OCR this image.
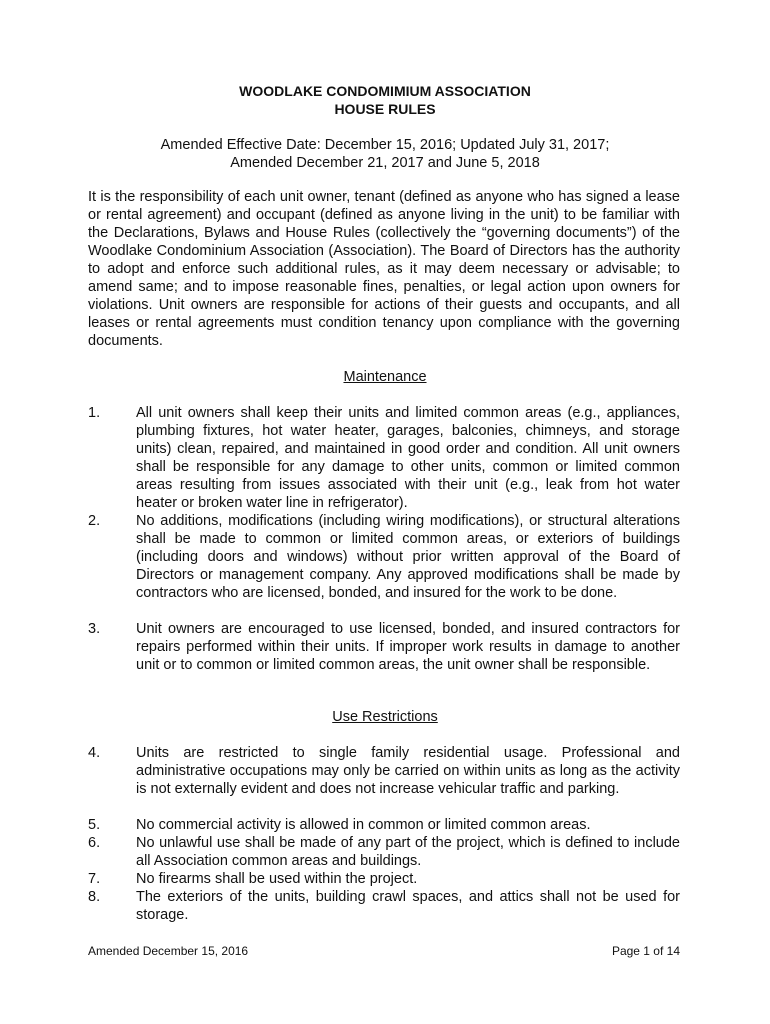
WOODLAKE CONDOMIMIUM ASSOCIATION
HOUSE RULES
Amended Effective Date: December 15, 2016; Updated July 31, 2017;
Amended December 21, 2017 and June 5, 2018
It is the responsibility of each unit owner, tenant (defined as anyone who has signed a lease or rental agreement) and occupant (defined as anyone living in the unit) to be familiar with the Declarations, Bylaws and House Rules (collectively the “governing documents”) of the Woodlake Condominium Association (Association). The Board of Directors has the authority to adopt and enforce such additional rules, as it may deem necessary or advisable; to amend same; and to impose reasonable fines, penalties, or legal action upon owners for violations. Unit owners are responsible for actions of their guests and occupants, and all leases or rental agreements must condition tenancy upon compliance with the governing documents.
Maintenance
1.	All unit owners shall keep their units and limited common areas (e.g., appliances, plumbing fixtures, hot water heater, garages, balconies, chimneys, and storage units) clean, repaired, and maintained in good order and condition. All unit owners shall be responsible for any damage to other units, common or limited common areas resulting from issues associated with their unit (e.g., leak from hot water heater or broken water line in refrigerator).
2.	No additions, modifications (including wiring modifications), or structural alterations shall be made to common or limited common areas, or exteriors of buildings (including doors and windows) without prior written approval of the Board of Directors or management company. Any approved modifications shall be made by contractors who are licensed, bonded, and insured for the work to be done.
3.	Unit owners are encouraged to use licensed, bonded, and insured contractors for repairs performed within their units. If improper work results in damage to another unit or to common or limited common areas, the unit owner shall be responsible.
Use Restrictions
4.	Units are restricted to single family residential usage. Professional and administrative occupations may only be carried on within units as long as the activity is not externally evident and does not increase vehicular traffic and parking.
5.	No commercial activity is allowed in common or limited common areas.
6.	No unlawful use shall be made of any part of the project, which is defined to include all Association common areas and buildings.
7.	No firearms shall be used within the project.
8.	The exteriors of the units, building crawl spaces, and attics shall not be used for storage.
Amended December 15, 2016	Page 1 of 14
